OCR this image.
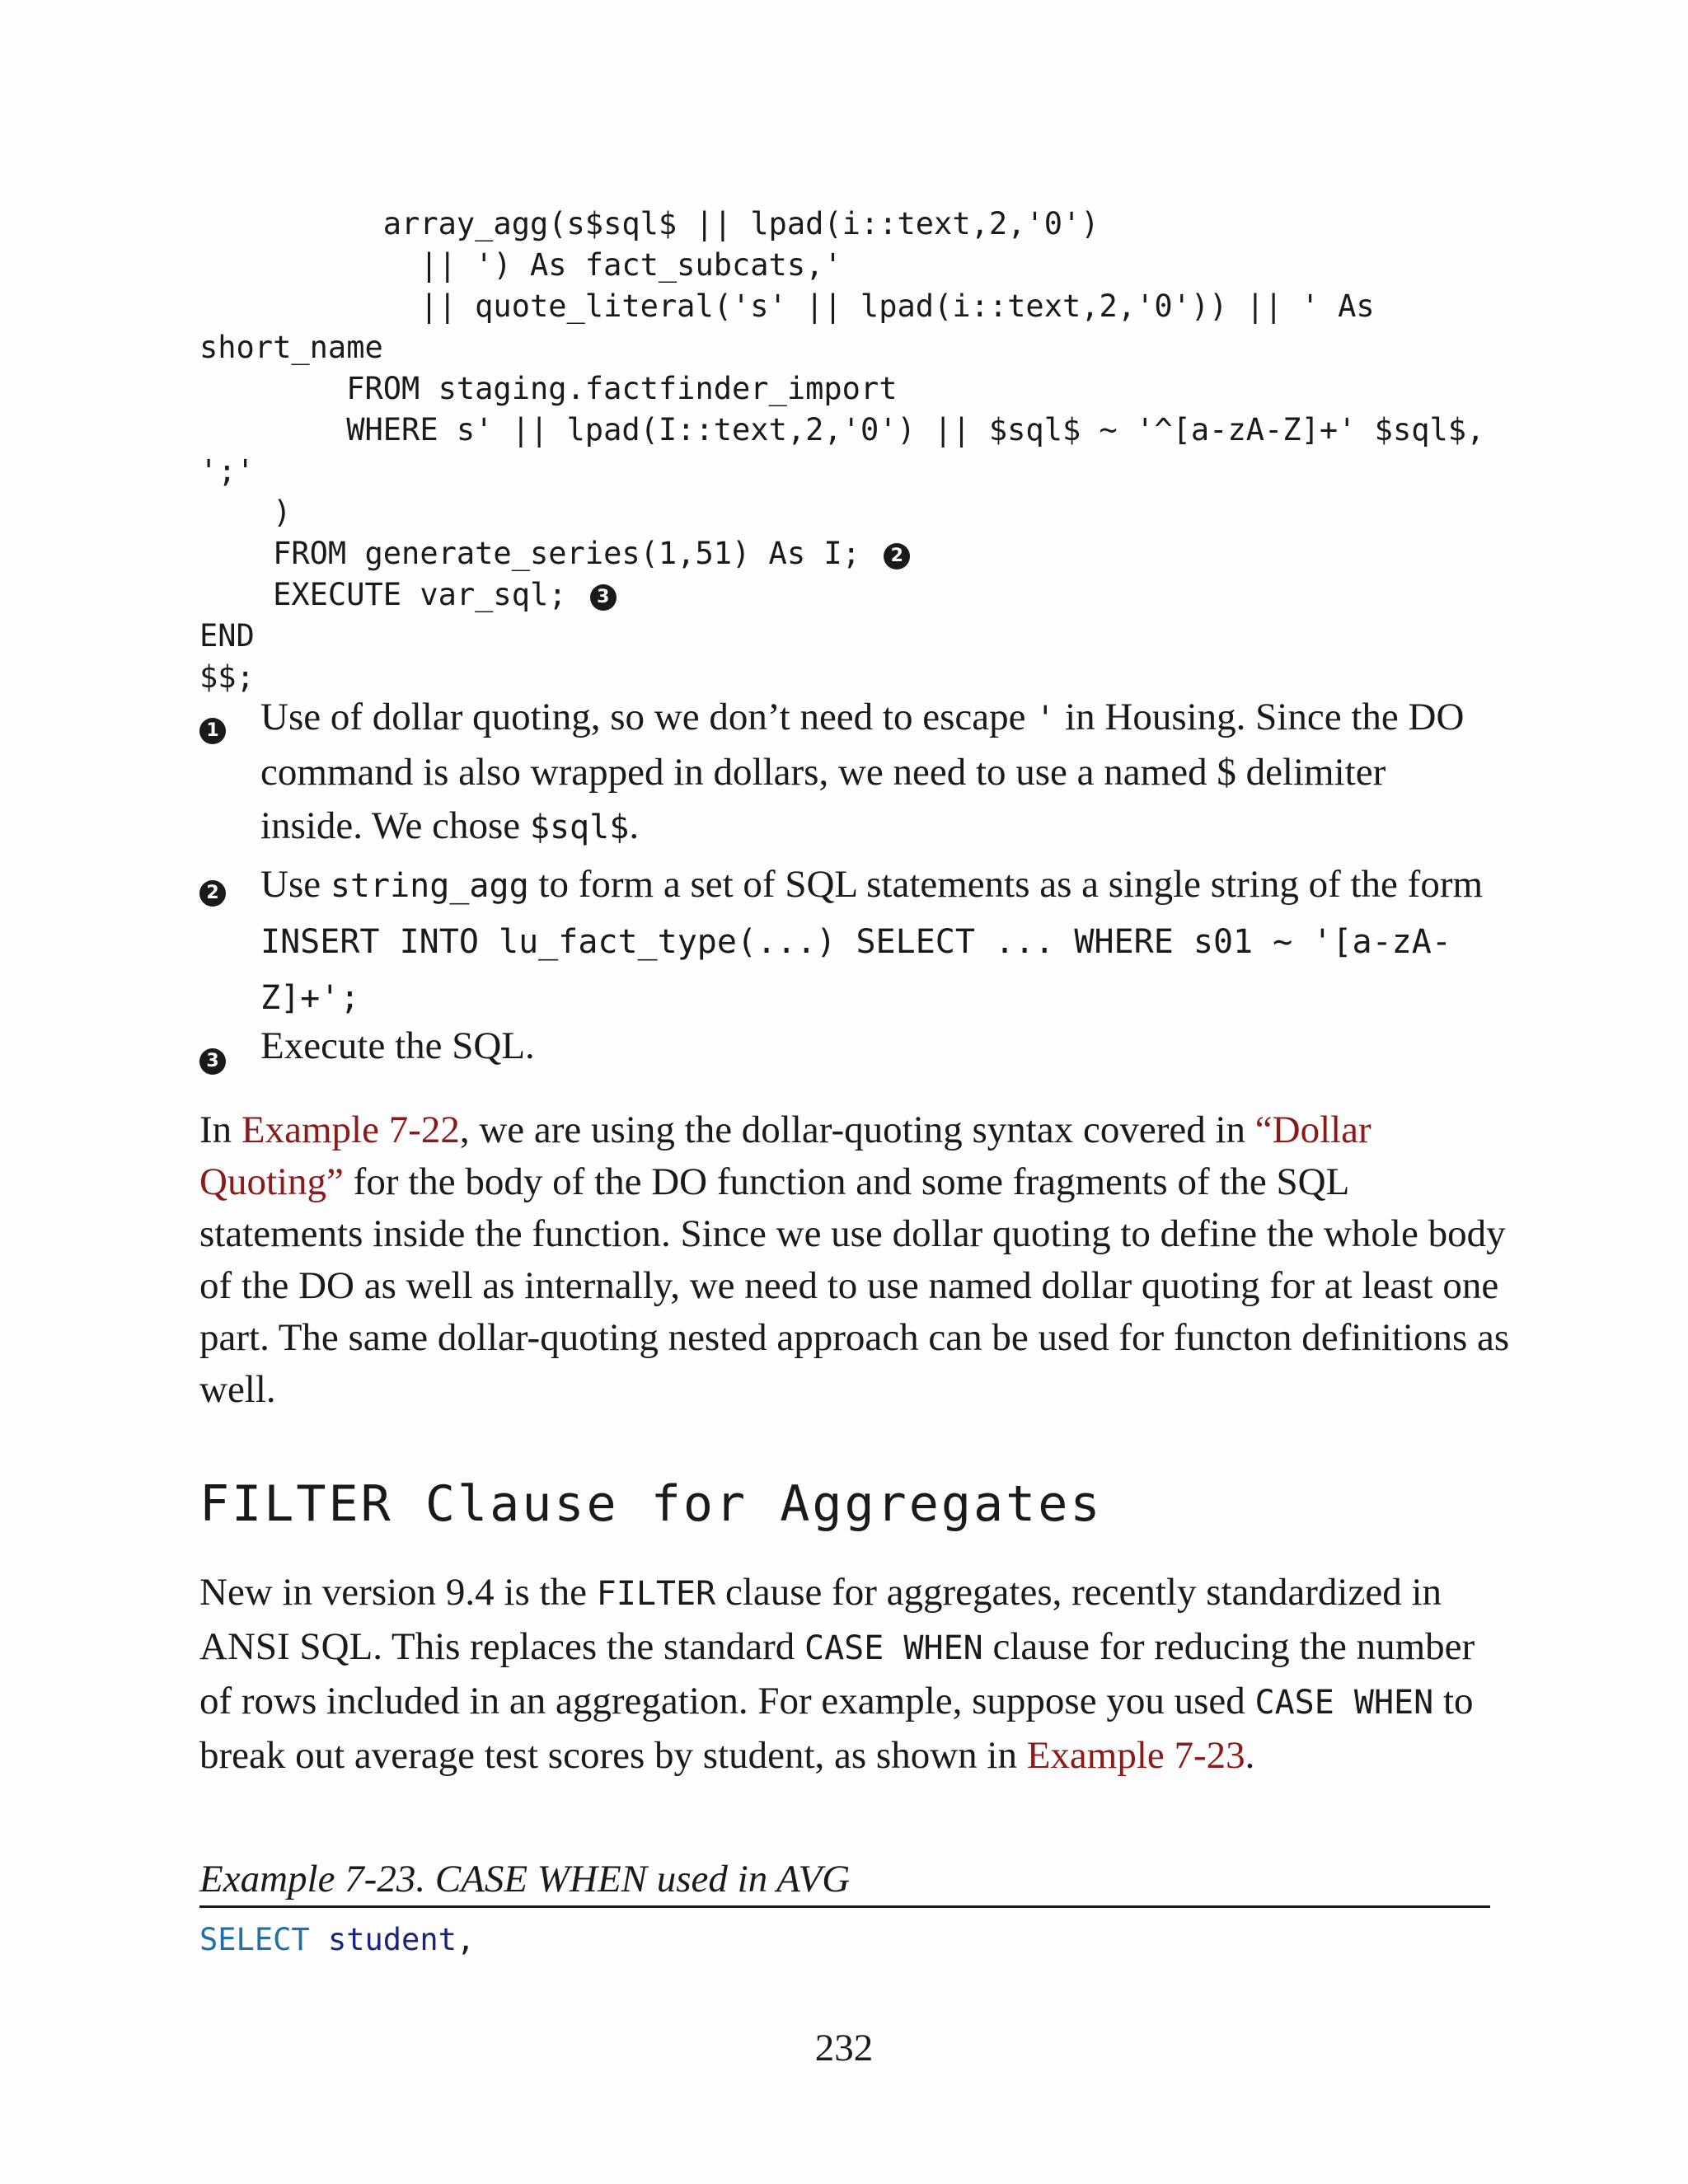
array_agg(s$sql$ || lpad(i::text,2,'0')
|| ') As fact_subcats,'
|| quote_literal('s' || lpad(i::text,2,'0')) || ' As
short_name
FROM staging.factfinder_import
WHERE s' || lpad(I::text,2,'0') || $sql$ ~ '^[a-zA-Z]+' $sql$,
';'
)
FROM generate_series(1,51) As I; 2
EXECUTE var_sql; 3
END
$$;
1 Use of dollar quoting, so we don’t need to escape ' in Housing. Since the DO command is also wrapped in dollars, we need to use a named $ delimiter inside. We chose $sql$.

2 Use string_agg to form a set of SQL statements as a single string of the form INSERT INTO lu_fact_type(...) SELECT ... WHERE s01 ~ '[a-zA-Z]+';

3 Execute the SQL.

In Example 7-22, we are using the dollar-quoting syntax covered in “Dollar Quoting” for the body of the DO function and some fragments of the SQL statements inside the function. Since we use dollar quoting to define the whole body of the DO as well as internally, we need to use named dollar quoting for at least one part. The same dollar-quoting nested approach can be used for functon definitions as well.

FILTER Clause for Aggregates

New in version 9.4 is the FILTER clause for aggregates, recently standardized in ANSI SQL. This replaces the standard CASE WHEN clause for reducing the number of rows included in an aggregation. For example, suppose you used CASE WHEN to break out average test scores by student, as shown in Example 7-23.

Example 7-23. CASE WHEN used in AVG

SELECT student,
232
